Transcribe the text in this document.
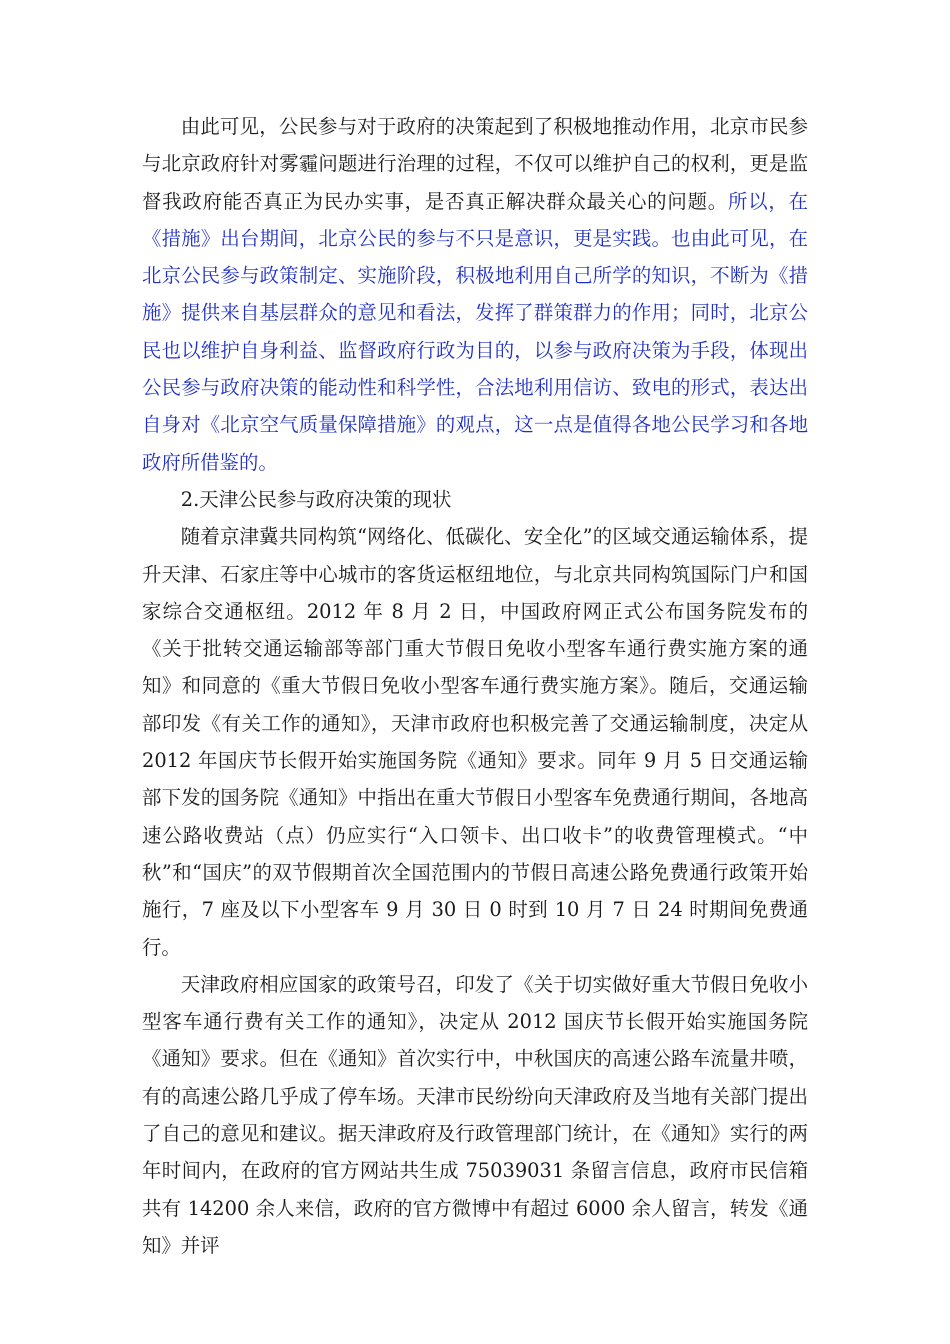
由此可见，公民参与对于政府的决策起到了积极地推动作用，北京市民参与北京政府针对雾霾问题进行治理的过程，不仅可以维护自己的权利，更是监督我政府能否真正为民办实事，是否真正解决群众最关心的问题。所以，在《措施》出台期间，北京公民的参与不只是意识，更是实践。也由此可见，在北京公民参与政策制定、实施阶段，积极地利用自己所学的知识，不断为《措施》提供来自基层群众的意见和看法，发挥了群策群力的作用；同时，北京公民也以维护自身利益、监督政府行政为目的，以参与政府决策为手段，体现出公民参与政府决策的能动性和科学性，合法地利用信访、致电的形式，表达出自身对《北京空气质量保障措施》的观点，这一点是值得各地公民学习和各地政府所借鉴的。

2.天津公民参与政府决策的现状

随着京津冀共同构筑“网络化、低碳化、安全化”的区域交通运输体系，提升天津、石家庄等中心城市的客货运枢纽地位，与北京共同构筑国际门户和国家综合交通枢纽。2012 年 8 月 2 日，中国政府网正式公布国务院发布的《关于批转交通运输部等部门重大节假日免收小型客车通行费实施方案的通知》和同意的《重大节假日免收小型客车通行费实施方案》。随后，交通运输部印发《有关工作的通知》，天津市政府也积极完善了交通运输制度，决定从 2012 年国庆节长假开始实施国务院《通知》要求。同年 9 月 5 日交通运输部下发的国务院《通知》中指出在重大节假日小型客车免费通行期间，各地高速公路收费站（点）仍应实行“入口领卡、出口收卡”的收费管理模式。“中秋”和“国庆”的双节假期首次全国范围内的节假日高速公路免费通行政策开始施行，7 座及以下小型客车 9 月 30 日 0 时到 10 月 7 日 24 时期间免费通行。

天津政府相应国家的政策号召，印发了《关于切实做好重大节假日免收小型客车通行费有关工作的通知》，决定从 2012 国庆节长假开始实施国务院《通知》要求。但在《通知》首次实行中，中秋国庆的高速公路车流量井喷，有的高速公路几乎成了停车场。天津市民纷纷向天津政府及当地有关部门提出了自己的意见和建议。据天津政府及行政管理部门统计，在《通知》实行的两年时间内，在政府的官方网站共生成 75039031 条留言信息，政府市民信箱共有 14200 余人来信，政府的官方微博中有超过 6000 余人留言，转发《通知》并评
